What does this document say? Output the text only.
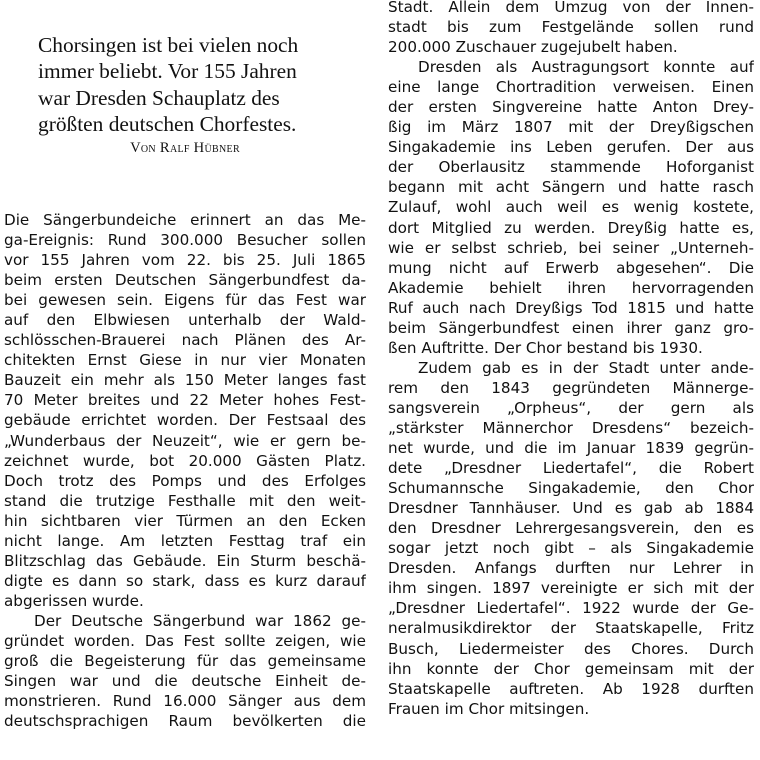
Chorsingen ist bei vielen noch
immer beliebt. Vor 155 Jahren
war Dresden Schauplatz des
größten deutschen Chorfestes.
Von Ralf Hübner
Die Sängerbundeiche erinnert an das Me-
ga-Ereignis: Rund 300.000 Besucher sollen
vor 155 Jahren vom 22. bis 25. Juli 1865
beim ersten Deutschen Sängerbundfest da-
bei gewesen sein. Eigens für das Fest war
auf den Elbwiesen unterhalb der Wald-
schlösschen-Brauerei nach Plänen des Ar-
chitekten Ernst Giese in nur vier Monaten
Bauzeit ein mehr als 150 Meter langes fast
70 Meter breites und 22 Meter hohes Fest-
gebäude errichtet worden. Der Festsaal des
„Wunderbaus der Neuzeit“, wie er gern be-
zeichnet wurde, bot 20.000 Gästen Platz.
Doch trotz des Pomps und des Erfolges
stand die trutzige Festhalle mit den weit-
hin sichtbaren vier Türmen an den Ecken
nicht lange. Am letzten Festtag traf ein
Blitzschlag das Gebäude. Ein Sturm beschä-
digte es dann so stark, dass es kurz darauf
abgerissen wurde.
Der Deutsche Sängerbund war 1862 ge-
gründet worden. Das Fest sollte zeigen, wie
groß die Begeisterung für das gemeinsame
Singen war und die deutsche Einheit de-
monstrieren. Rund 16.000 Sänger aus dem
deutschsprachigen Raum bevölkerten die
Stadt. Allein dem Umzug von der Innen-
stadt bis zum Festgelände sollen rund
200.000 Zuschauer zugejubelt haben.
Dresden als Austragungsort konnte auf
eine lange Chortradition verweisen. Einen
der ersten Singvereine hatte Anton Drey-
ßig im März 1807 mit der Dreyßigschen
Singakademie ins Leben gerufen. Der aus
der Oberlausitz stammende Hoforganist
begann mit acht Sängern und hatte rasch
Zulauf, wohl auch weil es wenig kostete,
dort Mitglied zu werden. Dreyßig hatte es,
wie er selbst schrieb, bei seiner „Unterneh-
mung nicht auf Erwerb abgesehen“. Die
Akademie behielt ihren hervorragenden
Ruf auch nach Dreyßigs Tod 1815 und hatte
beim Sängerbundfest einen ihrer ganz gro-
ßen Auftritte. Der Chor bestand bis 1930.
Zudem gab es in der Stadt unter ande-
rem den 1843 gegründeten Männerge-
sangsverein „Orpheus“, der gern als
„stärkster Männerchor Dresdens“ bezeich-
net wurde, und die im Januar 1839 gegrün-
dete „Dresdner Liedertafel“, die Robert
Schumannsche Singakademie, den Chor
Dresdner Tannhäuser. Und es gab ab 1884
den Dresdner Lehrergesangsverein, den es
sogar jetzt noch gibt – als Singakademie
Dresden. Anfangs durften nur Lehrer in
ihm singen. 1897 vereinigte er sich mit der
„Dresdner Liedertafel“. 1922 wurde der Ge-
neralmusikdirektor der Staatskapelle, Fritz
Busch, Liedermeister des Chores. Durch
ihn konnte der Chor gemeinsam mit der
Staatskapelle auftreten. Ab 1928 durften
Frauen im Chor mitsingen.
